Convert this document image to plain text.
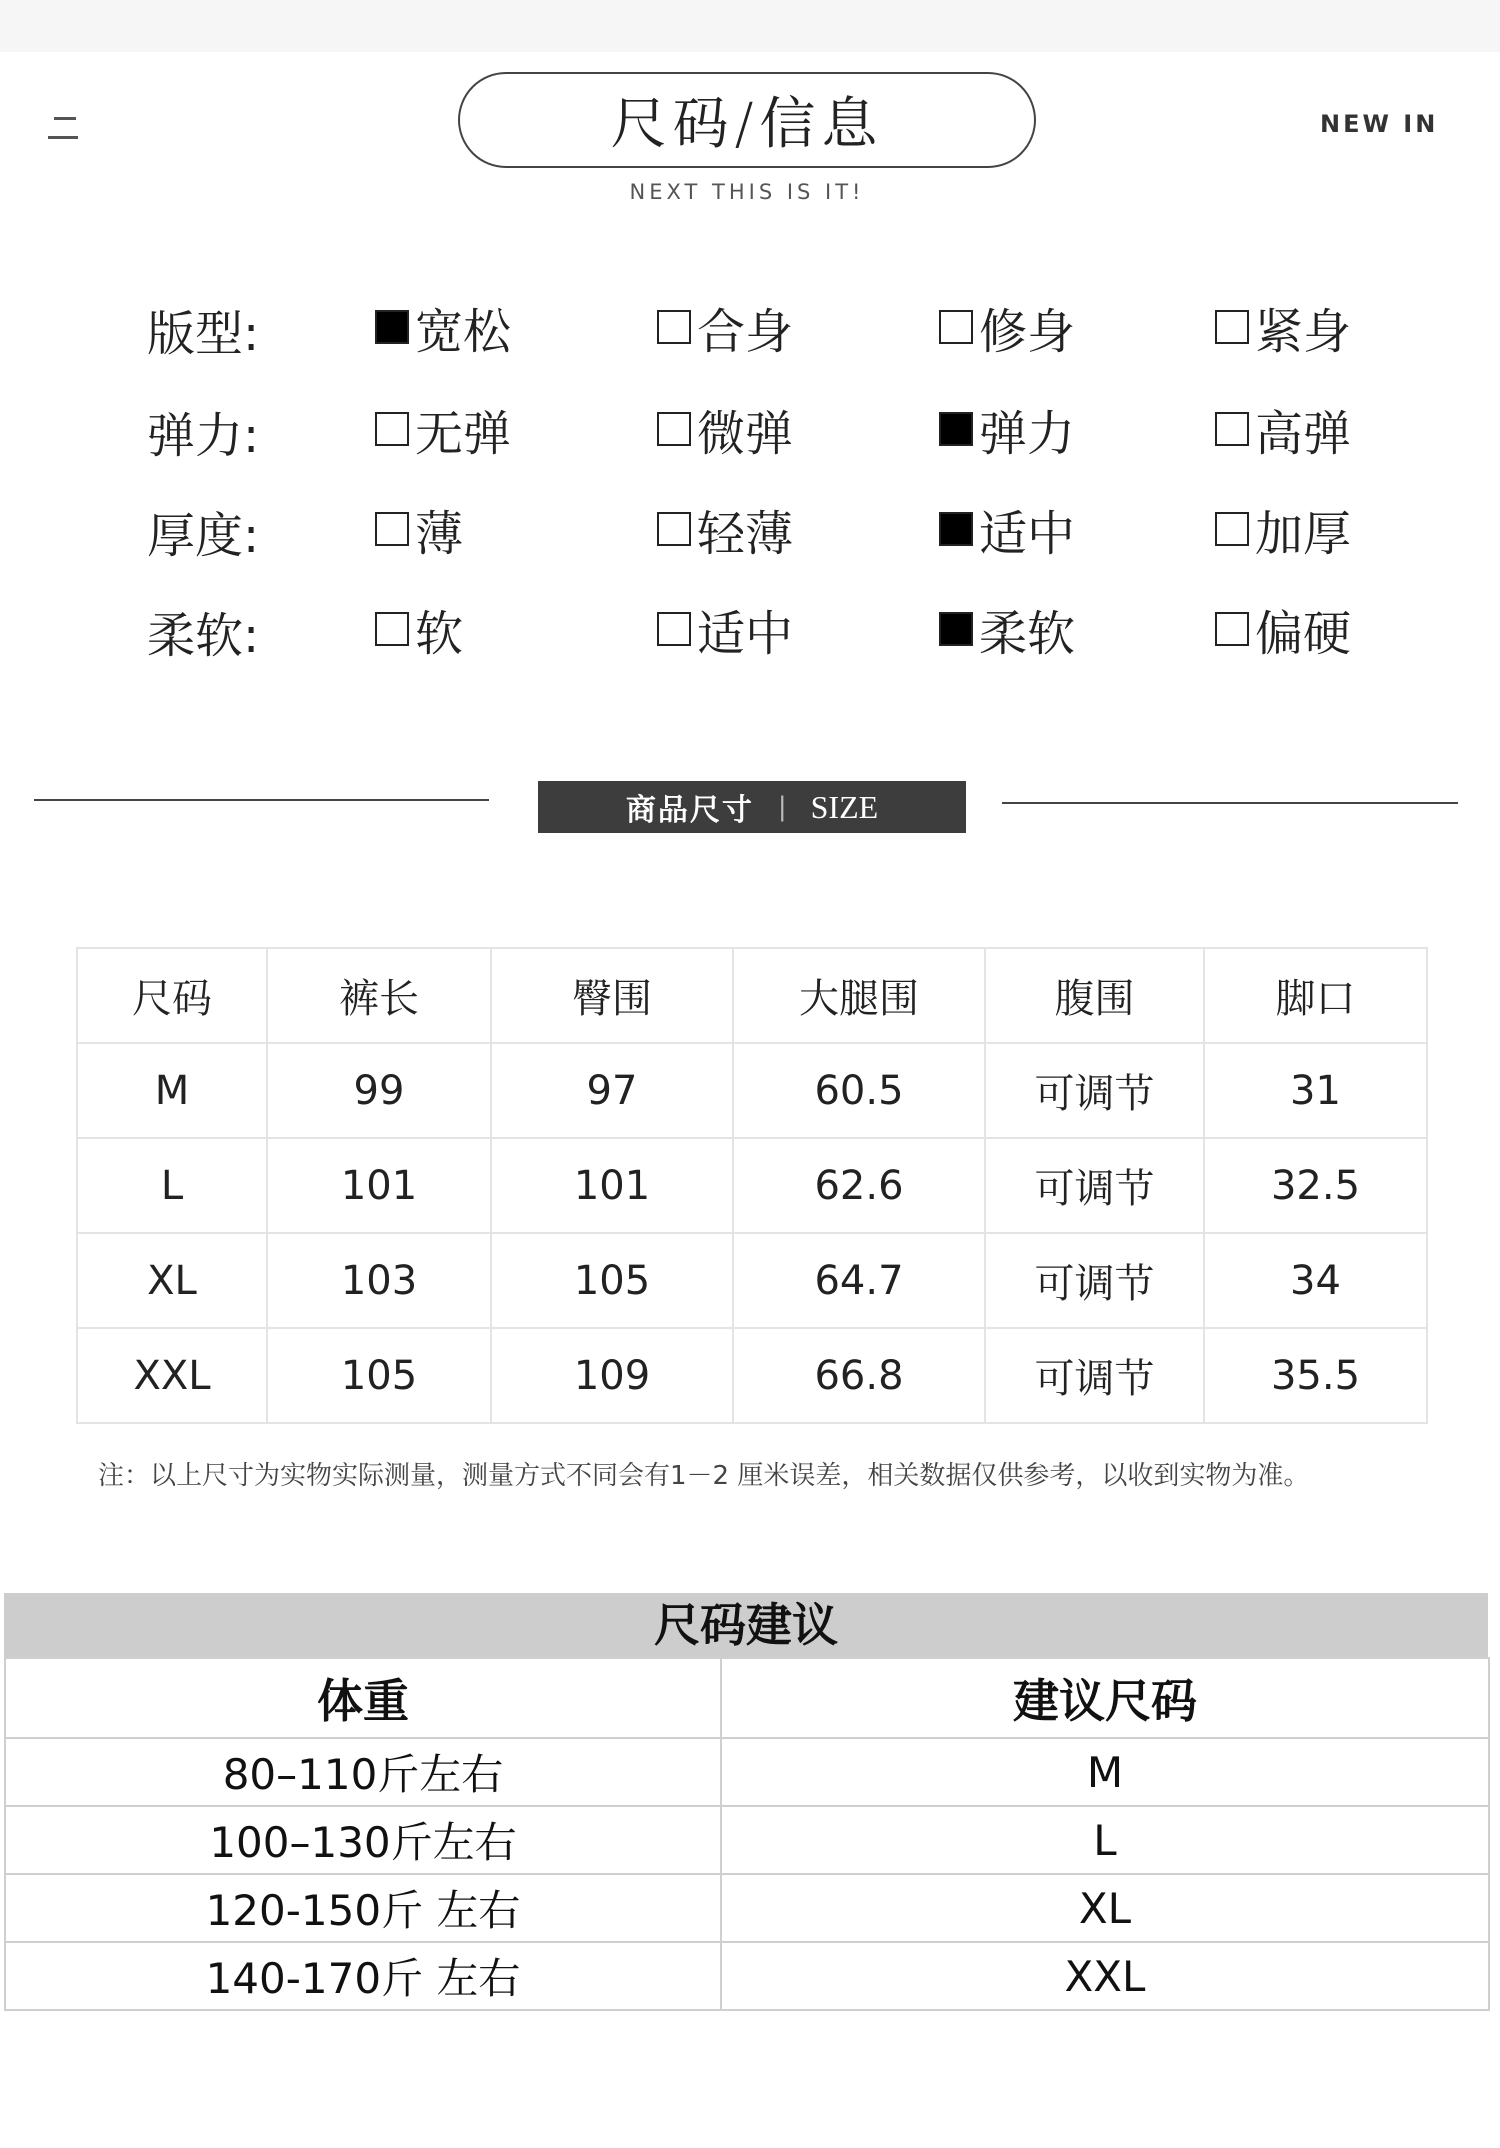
尺码/信息
NEXT THIS IS IT!
NEW IN
版型:	宽松	合身	修身	紧身
弹力:	无弹	微弹	弹力	高弹
厚度:	薄	轻薄	适中	加厚
柔软:	软	适中	柔软	偏硬
商品尺寸 | SIZE
尺码	裤长	臀围	大腿围	腹围	脚口
M	99	97	60.5	可调节	31
L	101	101	62.6	可调节	32.5
XL	103	105	64.7	可调节	34
XXL	105	109	66.8	可调节	35.5
注：以上尺寸为实物实际测量，测量方式不同会有1－2 厘米误差，相关数据仅供参考，以收到实物为准。
尺码建议
体重	建议尺码
80–110斤左右	M
100–130斤左右	L
120-150斤 左右	XL
140-170斤 左右	XXL
